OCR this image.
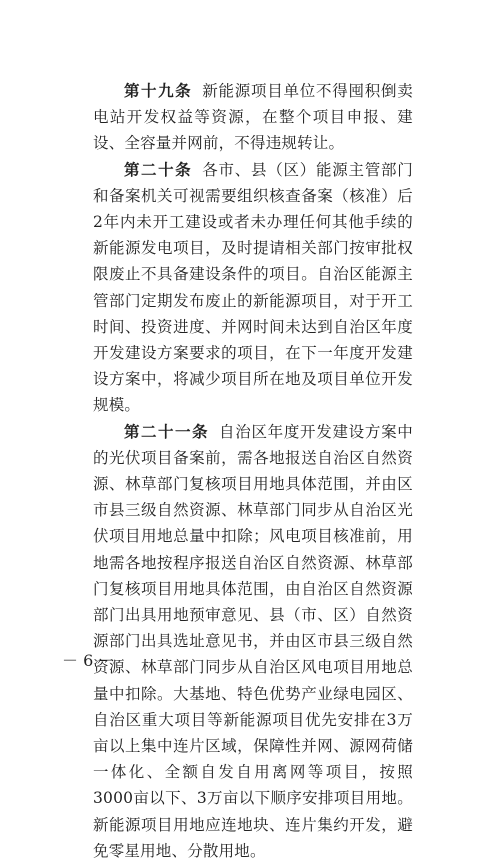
第十九条 新能源项目单位不得囤积倒卖电站开发权益等资源，在整个项目申报、建设、全容量并网前，不得违规转让。

第二十条 各市、县（区）能源主管部门和备案机关可视需要组织核查备案（核准）后2年内未开工建设或者未办理任何其他手续的新能源发电项目，及时提请相关部门按审批权限废止不具备建设条件的项目。自治区能源主管部门定期发布废止的新能源项目，对于开工时间、投资进度、并网时间未达到自治区年度开发建设方案要求的项目，在下一年度开发建设方案中，将减少项目所在地及项目单位开发规模。

第二十一条 自治区年度开发建设方案中的光伏项目备案前，需各地报送自治区自然资源、林草部门复核项目用地具体范围，并由区市县三级自然资源、林草部门同步从自治区光伏项目用地总量中扣除；风电项目核准前，用地需各地按程序报送自治区自然资源、林草部门复核项目用地具体范围，由自治区自然资源部门出具用地预审意见、县（市、区）自然资源部门出具选址意见书，并由区市县三级自然资源、林草部门同步从自治区风电项目用地总量中扣除。大基地、特色优势产业绿电园区、自治区重大项目等新能源项目优先安排在3万亩以上集中连片区域，保障性并网、源网荷储一体化、全额自发自用离网等项目，按照3000亩以下、3万亩以下顺序安排项目用地。新能源项目用地应连地块、连片集约开发，避免零星用地、分散用地。

－ 6 －
